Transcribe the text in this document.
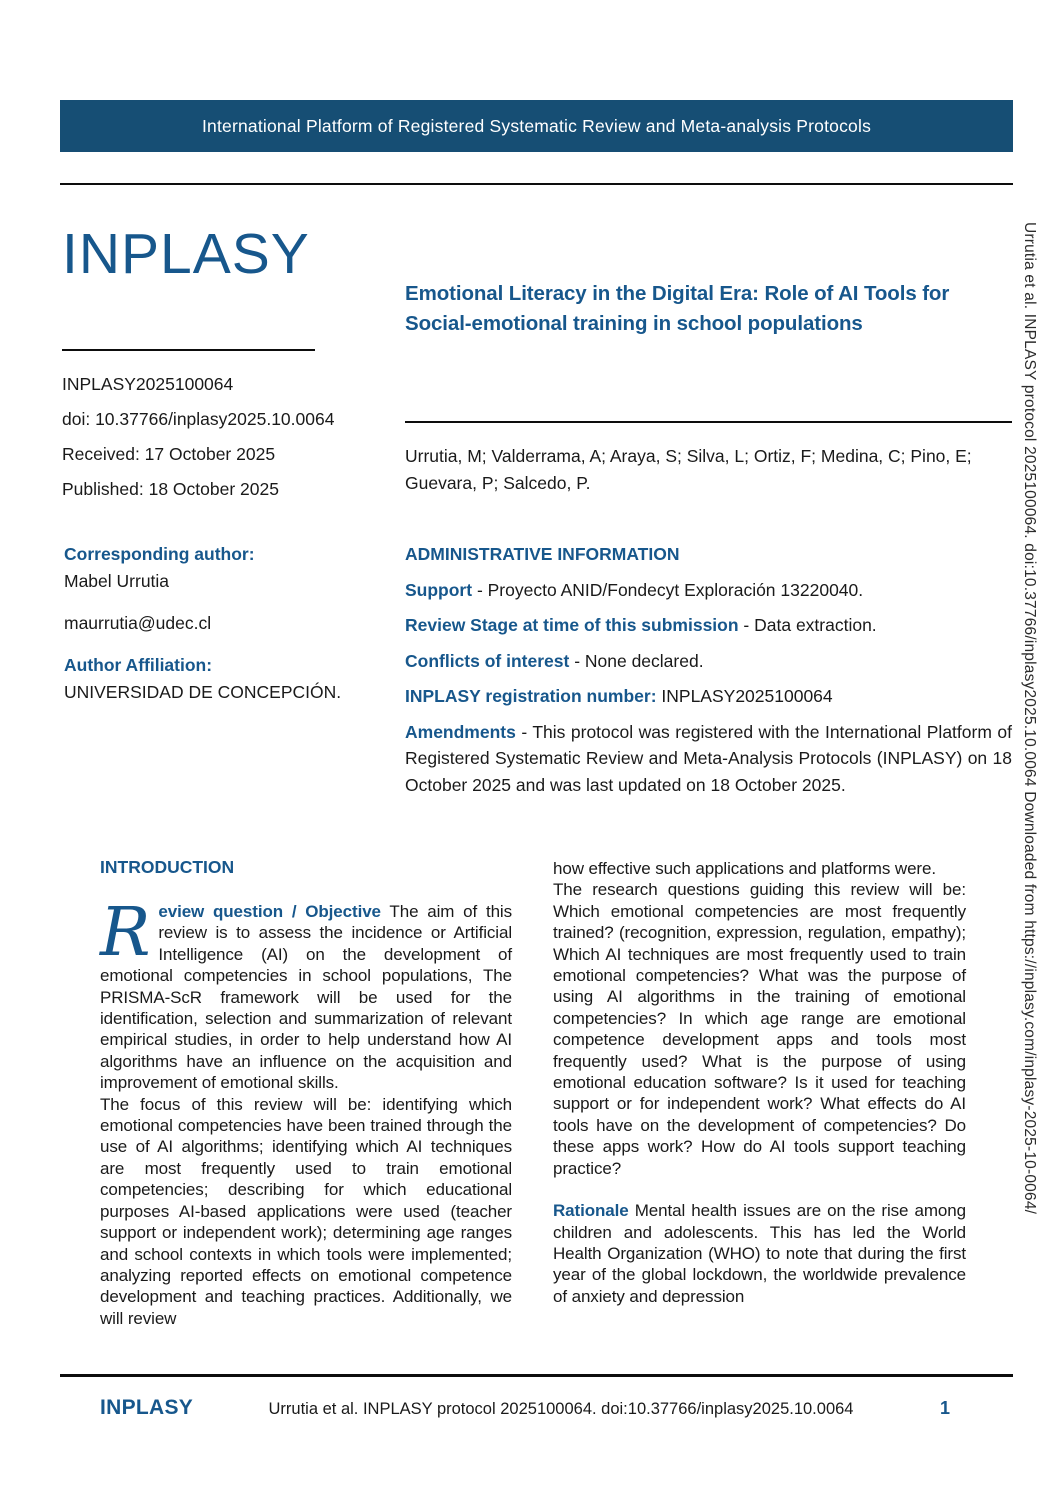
International Platform of Registered Systematic Review and Meta-analysis Protocols
INPLASY
INPLASY2025100064
doi: 10.37766/inplasy2025.10.0064
Received: 17 October 2025
Published: 18 October 2025
Corresponding author:
Mabel Urrutia
maurrutia@udec.cl
Author Affiliation:
UNIVERSIDAD DE CONCEPCIÓN.
Emotional Literacy in the Digital Era: Role of AI Tools for Social-emotional training in school populations
Urrutia, M; Valderrama, A; Araya, S; Silva, L; Ortiz, F; Medina, C; Pino, E; Guevara, P; Salcedo, P.
ADMINISTRATIVE INFORMATION

Support - Proyecto ANID/Fondecyt Exploración 13220040.

Review Stage at time of this submission - Data extraction.

Conflicts of interest - None declared.

INPLASY registration number: INPLASY2025100064

Amendments - This protocol was registered with the International Platform of Registered Systematic Review and Meta-Analysis Protocols (INPLASY) on 18 October 2025 and was last updated on 18 October 2025.

INTRODUCTION

Review question / Objective The aim of this review is to assess the incidence or Artificial Intelligence (AI) on the development of emotional competencies in school populations, The PRISMA-ScR framework will be used for the identification, selection and summarization of relevant empirical studies, in order to help understand how AI algorithms have an influence on the acquisition and improvement of emotional skills.

The focus of this review will be: identifying which emotional competencies have been trained through the use of AI algorithms; identifying which AI techniques are most frequently used to train emotional competencies; describing for which educational purposes AI-based applications were used (teacher support or independent work); determining age ranges and school contexts in which tools were implemented; analyzing reported effects on emotional competence development and teaching practices. Additionally, we will review

how effective such applications and platforms were.

The research questions guiding this review will be: Which emotional competencies are most frequently trained? (recognition, expression, regulation, empathy); Which AI techniques are most frequently used to train emotional competencies? What was the purpose of using AI algorithms in the training of emotional competencies? In which age range are emotional competence development apps and tools most frequently used? What is the purpose of using emotional education software? Is it used for teaching support or for independent work? What effects do AI tools have on the development of competencies? Do these apps work? How do AI tools support teaching practice?

Rationale Mental health issues are on the rise among children and adolescents. This has led the World Health Organization (WHO) to note that during the first year of the global lockdown, the worldwide prevalence of anxiety and depression

INPLASY	Urrutia et al. INPLASY protocol 2025100064. doi:10.37766/inplasy2025.10.0064	1
Urrutia et al. INPLASY protocol 2025100064. doi:10.37766/inplasy2025.10.0064 Downloaded from https://inplasy.com/inplasy-2025-10-0064/
